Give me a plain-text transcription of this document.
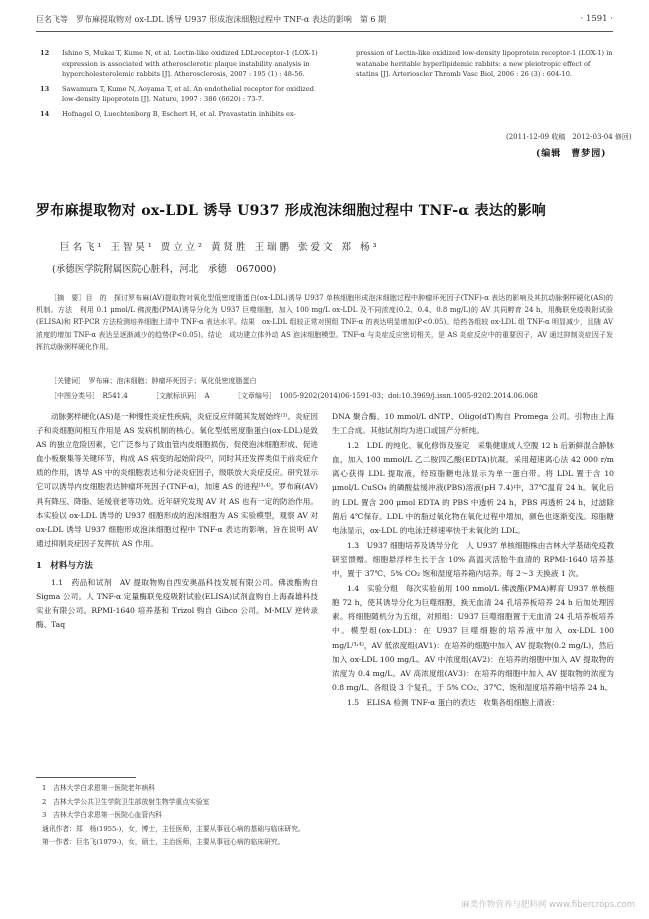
巨名飞等　罗布麻提取物对 ox-LDL 诱导 U937 形成泡沫细胞过程中 TNF-α 表达的影响　第 6 期	· 1591 ·
12 Ishino S, Mukai T, Kume N, et al. Lectin-like oxidized LDLreceptor-1 (LOX-1) expression is associated with atherosclerotic plaque instability analysis in hypercholesterolemic rabbits [J]. Atherosclerosis, 2007 : 195 (1) : 48-56.
13 Sawamura T, Kume N, Aoyama T, et al. An endothelial receptor for oxidized low-density lipoprotein [J]. Nature, 1997 : 386 (6620) : 73-7.
14 Hofnagel O, Luechtenborg B, Eschert H, et al. Pravastatin inhibits ex-
pression of Lectin-like oxidized low-density lipoprotein receptor-1 (LOX-1) in watanabe heritable hyperlipidemic rabbits: a new pleiotropic effect of statins [J]. Arterioscler Thromb Vasc Biol, 2006 : 26 (3) : 604-10.
(2011-12-09 收稿　2012-03-04 修回)
(编辑　曹梦园)
罗布麻提取物对 ox-LDL 诱导 U937 形成泡沫细胞过程中 TNF-α 表达的影响
巨名飞¹ 王智昊¹ 贾立立² 黄贤胜 王瑞鹏 张爱文 郑 杨³
(承德医学院附属医院心脏科，河北　承德　067000)

［摘　要］目　的　探讨罗布麻(AV)提取物对氧化型低密度脂蛋白(ox-LDL)诱导 U937 单核细胞形成泡沫细胞过程中肿瘤坏死因子(TNF)-α 表达的影响及其抗动脉粥样硬化(AS)的机制。方法　利用 0.1 μmol/L 佛波酯(PMA)诱导分化为 U937 巨噬细胞，加入 100 mg/L ox-LDL 及不同浓度(0.2、0.4、0.8 mg/L)的 AV 共同孵育 24 h，用酶联免疫吸附试验(ELISA)和 RT-PCR 方法检测培养细胞上清中 TNF-α 表达水平。结果　ox-LDL 组较正常对照组 TNF-α 的表达明显增加(P<0.05)。给药各组较 ox-LDL 组 TNF-α 明显减少，且随 AV 浓度的增加 TNF-α 表达呈逐渐减少的趋势(P<0.05)。结论　成功建立体外动 AS 泡沫细胞模型。TNF-α 与炎症反应密切相关，是 AS 炎症反应中的重要因子，AV 通过抑制炎症因子发挥抗动脉粥样硬化作用。

［关键词］　罗布麻；泡沫细胞；肿瘤坏死因子；氧化低密度脂蛋白
［中图分类号］　R541.4	［文献标识码］　A	［文章编号］　1005-9202(2014)06-1591-03；doi:10.3969/j.issn.1005-9202.2014.06.068

动脉粥样硬化(AS)是一种慢性炎症性疾病，炎症反应伴随其发展始终⁽¹⁾。炎症因子和炎细胞间相互作用是 AS 发病机制的核心。氧化型低密度脂蛋白(ox-LDL)是致 AS 的独立危险因素，它广泛参与了致血管内皮细胞损伤、促使泡沫细胞形成、促进血小板聚集等关键环节，构成 AS 病变的起始阶段⁽²⁾，同时其还发挥类似于前炎症介质的作用，诱导 AS 中的炎细胞表达和分泌炎症因子，级联放大炎症反应。研究显示它可以诱导内皮细胞表达肿瘤坏死因子(TNF-α)，加速 AS 的进程⁽³˒⁴⁾。罗布麻(AV)具有降压、降脂、延缓衰老等功效。近年研究发现 AV 对 AS 也有一定的防治作用。本实验以 ox-LDL 诱导的 U937 细胞形成的泡沫细胞为 AS 实验模型，观察 AV 对 ox-LDL 诱导 U937 细胞形成泡沫细胞过程中 TNF-α 表达的影响，旨在说明 AV 通过抑制炎症因子发挥抗 AS 作用。

1　材料与方法

1.1　药品和试剂　AV 提取物购自西安奥晶科技发展有限公司。佛波酯购自 Sigma 公司。人 TNF-α 定量酶联免疫吸附试验(ELISA)试剂盒购自上海森雄科技实业有限公司。RPMI-1640 培养基和 Trizol 购自 Gibco 公司。M-MLV 逆转录酶、Taq

DNA 聚合酶、10 mmol/L dNTP、Oligo(dT)购自 Promega 公司。引物由上海生工合成。其他试剂均为进口或国产分析纯。

1.2　LDL 的纯化、氧化修饰及鉴定　采集健康成人空腹 12 h 后新鲜混合静脉血，加入 100 mmol/L 乙二胺四乙酸(EDTA)抗凝。采用超速离心法 42 000 r/m 离心获得 LDL 提取液，经琼脂糖电泳显示为单一蛋白带。将 LDL 置于含 10 μmol/L CuSO₄ 的磷酸盐缓冲液(PBS)溶液(pH 7.4)中，37℃温育 24 h。氧化后的 LDL 置含 200 μmol EDTA 的 PBS 中透析 24 h，PBS 再透析 24 h，过滤除菌后 4℃保存。LDL 中的脂过氧化物在氧化过程中增加，颜色也逐渐变浅。琼脂糖电泳显示，ox-LDL 的电泳迁移速率快于未氧化的 LDL。

1.3　U937 细胞培养及诱导分化　人 U937 单核细胞株由吉林大学基础免疫教研室馈赠。细胞悬浮样生长于含 10% 高温灭活胎牛血清的 RPMI-1640 培养基中，置于 37℃、5% CO₂ 饱和湿度培养箱内培养。每 2～3 天换液 1 次。

1.4　实验分组　每次实验前用 100 nmol/L 佛波酯(PMA)孵育 U937 单核细胞 72 h，使其诱导分化为巨噬细胞，换无血清 24 孔培养板培养 24 h 后加处理因素。将细胞随机分为五组，对照组：U937 巨噬细胞置于无血清 24 孔培养板培养中。模型组(ox-LDL)：在 U937 巨噬细胞的培养液中加入 ox-LDL 100 mg/L⁽³˒⁴⁾，AV 低浓度组(AV1)：在培养的细胞中加入 AV 提取物(0.2 mg/L)，然后加入 ox-LDL 100 mg/L。AV 中浓度组(AV2)：在培养的细胞中加入 AV 提取物的浓度为 0.4 mg/L。AV 高浓度组(AV3)：在培养的细胞中加入 AV 提取物的浓度为 0.8 mg/L。各组设 3 个复孔，于 5% CO₂、37℃、饱和湿度培养箱中培养 24 h。

1.5　ELISA 检测 TNF-α 蛋白的表达　收集各组细胞上清液：

1　吉林大学白求恩第一医院老年病科
2　吉林大学公共卫生学院卫生部放射生物学重点实验室
3　吉林大学白求恩第一医院心血管内科
通讯作者：郑　杨(1955-)，女，博士，主任医师，主要从事冠心病的基础与临床研究。
第一作者：巨名飞(1979-)，女，硕士，主治医师，主要从事冠心病的临床研究。
麻类作物营养与肥料网 www.fibercrops.com
